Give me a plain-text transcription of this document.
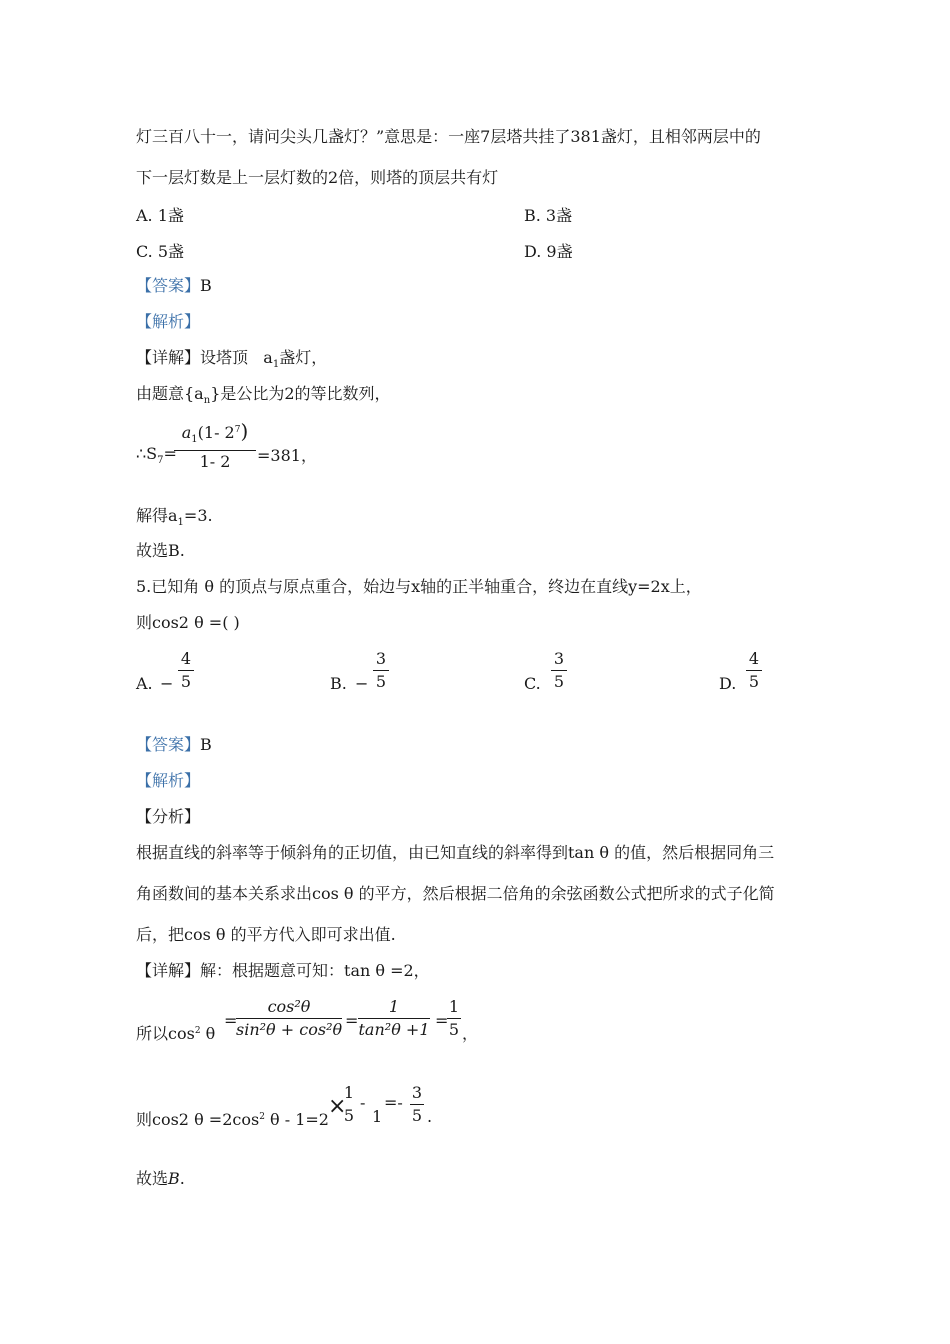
灯三百八十一，请问尖头几盏灯？”意思是：一座7层塔共挂了381盏灯，且相邻两层中的
下一层灯数是上一层灯数的2倍，则塔的顶层共有灯
A. 1盏	B. 3盏
C. 5盏	D. 9盏
【答案】B
【解析】
【详解】设塔顶 $a_1$盏灯，
由题意$\{a_n\}$是公比为2的等比数列，
$\therefore S_7=$
$a_1(1-$ $2^7$)
1- 2	=381，
解得$a_1=3$.
故选B.
5.已知角 θ 的顶点与原点重合，始边与x轴的正半轴重合，终边在直线y=2x上，
则cos2 θ =( )
A. −
4
5	B. −
3
5	C.
3
5	D.
4
5
【答案】B
【解析】
【分析】
根据直线的斜率等于倾斜角的正切值，由已知直线的斜率得到tan θ 的值，然后根据同角三
角函数间的基本关系求出cos θ 的平方，然后根据二倍角的余弦函数公式把所求的式子化简
后，把cos θ 的平方代入即可求出值.
【详解】解：根据题意可知：tan θ =2，
所以$\cos^2 \theta$
=
cos²θ
sin²θ + cos²θ =
1
tan²θ +1 =
1
5 ，
则cos2 $\theta =2\cos^2$ θ - 1=2
×
1
5
-
1
=-
3
5 .
故选B.
